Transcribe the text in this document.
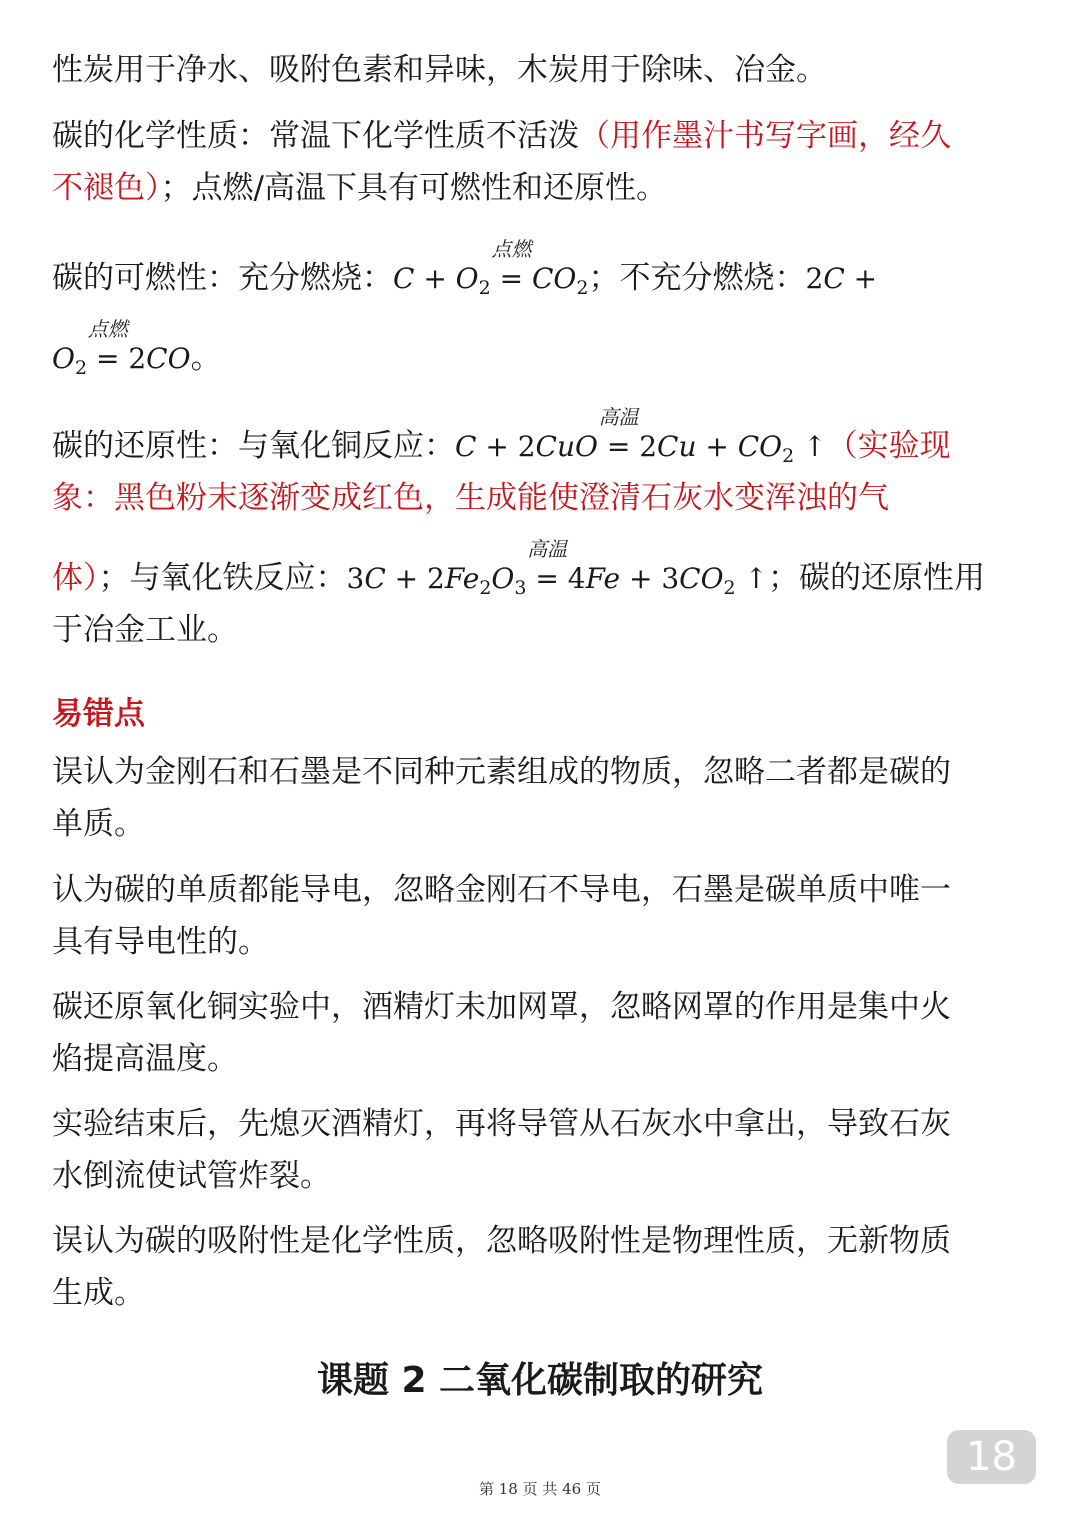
性炭用于净水、吸附色素和异味，木炭用于除味、冶金。

碳的化学性质：常温下化学性质不活泼（用作墨汁书写字画，经久

不褪色）；点燃/高温下具有可燃性和还原性。

碳的可燃性：充分燃烧：$C + O_2$
点燃
= $CO_2$；不充分燃烧：2C +

$O_2$
点燃
= 2CO。

碳的还原性：与氧化铜反应：C + 2CuO
高温
= $2Cu + CO_2$ ↑（实验现

象：黑色粉末逐渐变成红色，生成能使澄清石灰水变浑浊的气

体）；与氧化铁反应：$3C + 2Fe_2O_3$
高温
= $4Fe + 3CO_2$ ↑；碳的还原性用

于冶金工业。

易错点

误认为金刚石和石墨是不同种元素组成的物质，忽略二者都是碳的

单质。

认为碳的单质都能导电，忽略金刚石不导电，石墨是碳单质中唯一

具有导电性的。

碳还原氧化铜实验中，酒精灯未加网罩，忽略网罩的作用是集中火

焰提高温度。

实验结束后，先熄灭酒精灯，再将导管从石灰水中拿出，导致石灰

水倒流使试管炸裂。

误认为碳的吸附性是化学性质，忽略吸附性是物理性质，无新物质

生成。

课题 2 二氧化碳制取的研究
18
第 18 页 共 46 页
